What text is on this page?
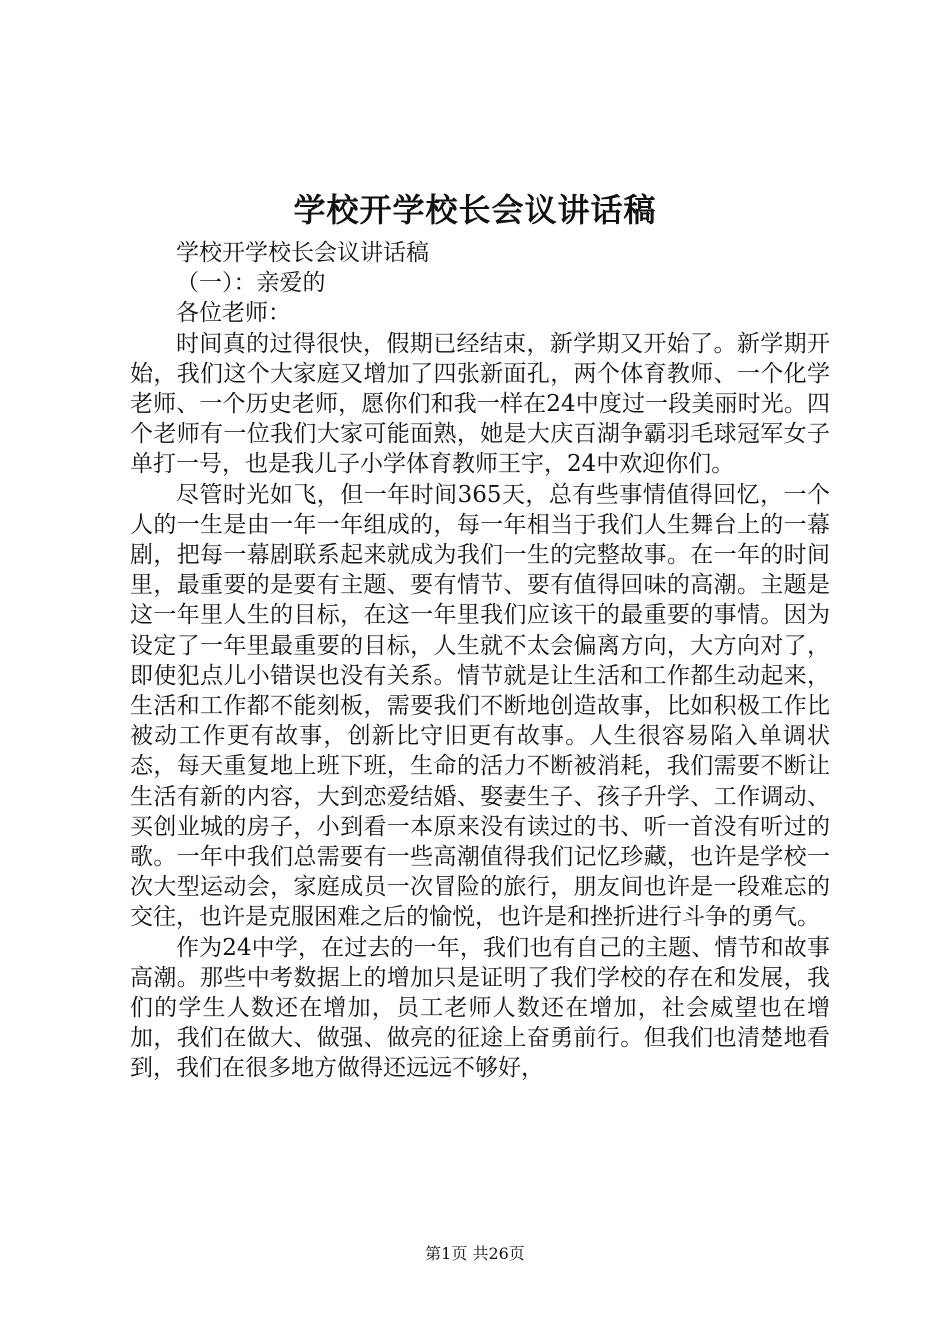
学校开学校长会议讲话稿

学校开学校长会议讲话稿

（一）：亲爱的

各位老师：

时间真的过得很快，假期已经结束，新学期又开始了。新学期开始，我们这个大家庭又增加了四张新面孔，两个体育教师、一个化学老师、一个历史老师，愿你们和我一样在24中度过一段美丽时光。四个老师有一位我们大家可能面熟，她是大庆百湖争霸羽毛球冠军女子单打一号，也是我儿子小学体育教师王宇，24中欢迎你们。

尽管时光如飞，但一年时间365天，总有些事情值得回忆，一个人的一生是由一年一年组成的，每一年相当于我们人生舞台上的一幕剧，把每一幕剧联系起来就成为我们一生的完整故事。在一年的时间里，最重要的是要有主题、要有情节、要有值得回味的高潮。主题是这一年里人生的目标，在这一年里我们应该干的最重要的事情。因为设定了一年里最重要的目标，人生就不太会偏离方向，大方向对了，即使犯点儿小错误也没有关系。情节就是让生活和工作都生动起来，生活和工作都不能刻板，需要我们不断地创造故事，比如积极工作比被动工作更有故事，创新比守旧更有故事。人生很容易陷入单调状态，每天重复地上班下班，生命的活力不断被消耗，我们需要不断让生活有新的内容，大到恋爱结婚、娶妻生子、孩子升学、工作调动、买创业城的房子，小到看一本原来没有读过的书、听一首没有听过的歌。一年中我们总需要有一些高潮值得我们记忆珍藏，也许是学校一次大型运动会，家庭成员一次冒险的旅行，朋友间也许是一段难忘的交往，也许是克服困难之后的愉悦，也许是和挫折进行斗争的勇气。

作为24中学，在过去的一年，我们也有自己的主题、情节和故事高潮。那些中考数据上的增加只是证明了我们学校的存在和发展，我们的学生人数还在增加，员工老师人数还在增加，社会威望也在增加，我们在做大、做强、做亮的征途上奋勇前行。但我们也清楚地看到，我们在很多地方做得还远远不够好，

第1页 共26页
